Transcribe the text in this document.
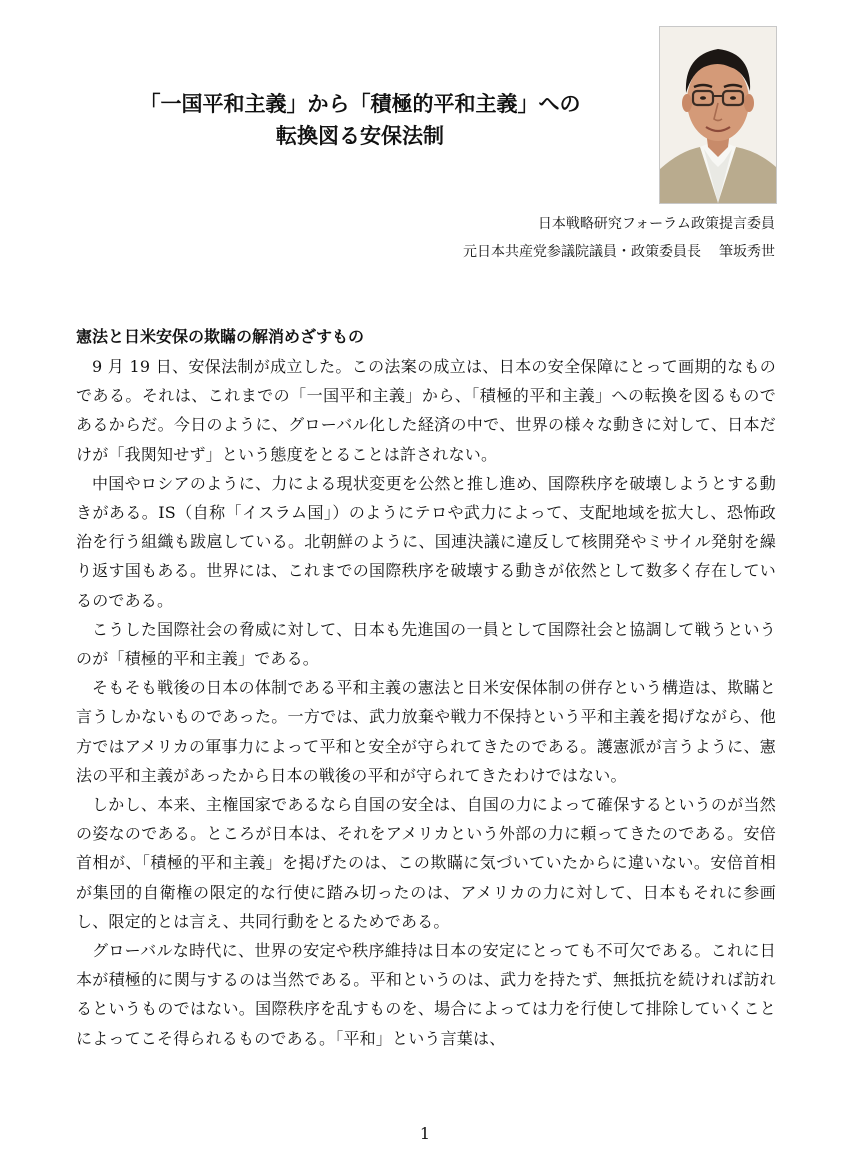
「一国平和主義」から「積極的平和主義」への
転換図る安保法制
日本戦略研究フォーラム政策提言委員
元日本共産党参議院議員・政策委員長 筆坂秀世
憲法と日米安保の欺瞞の解消めざすもの

9 月 19 日、安保法制が成立した。この法案の成立は、日本の安全保障にとって画期的なものである。それは、これまでの「一国平和主義」から、「積極的平和主義」への転換を図るものであるからだ。今日のように、グローバル化した経済の中で、世界の様々な動きに対して、日本だけが「我関知せず」という態度をとることは許されない。

中国やロシアのように、力による現状変更を公然と推し進め、国際秩序を破壊しようとする動きがある。IS（自称「イスラム国」）のようにテロや武力によって、支配地域を拡大し、恐怖政治を行う組織も跋扈している。北朝鮮のように、国連決議に違反して核開発やミサイル発射を繰り返す国もある。世界には、これまでの国際秩序を破壊する動きが依然として数多く存在しているのである。

こうした国際社会の脅威に対して、日本も先進国の一員として国際社会と協調して戦うというのが「積極的平和主義」である。

そもそも戦後の日本の体制である平和主義の憲法と日米安保体制の併存という構造は、欺瞞と言うしかないものであった。一方では、武力放棄や戦力不保持という平和主義を掲げながら、他方ではアメリカの軍事力によって平和と安全が守られてきたのである。護憲派が言うように、憲法の平和主義があったから日本の戦後の平和が守られてきたわけではない。

しかし、本来、主権国家であるなら自国の安全は、自国の力によって確保するというのが当然の姿なのである。ところが日本は、それをアメリカという外部の力に頼ってきたのである。安倍首相が、「積極的平和主義」を掲げたのは、この欺瞞に気づいていたからに違いない。安倍首相が集団的自衛権の限定的な行使に踏み切ったのは、アメリカの力に対して、日本もそれに参画し、限定的とは言え、共同行動をとるためである。

グローバルな時代に、世界の安定や秩序維持は日本の安定にとっても不可欠である。これに日本が積極的に関与するのは当然である。平和というのは、武力を持たず、無抵抗を続ければ訪れるというものではない。国際秩序を乱すものを、場合によっては力を行使して排除していくことによってこそ得られるものである。「平和」という言葉は、

1
